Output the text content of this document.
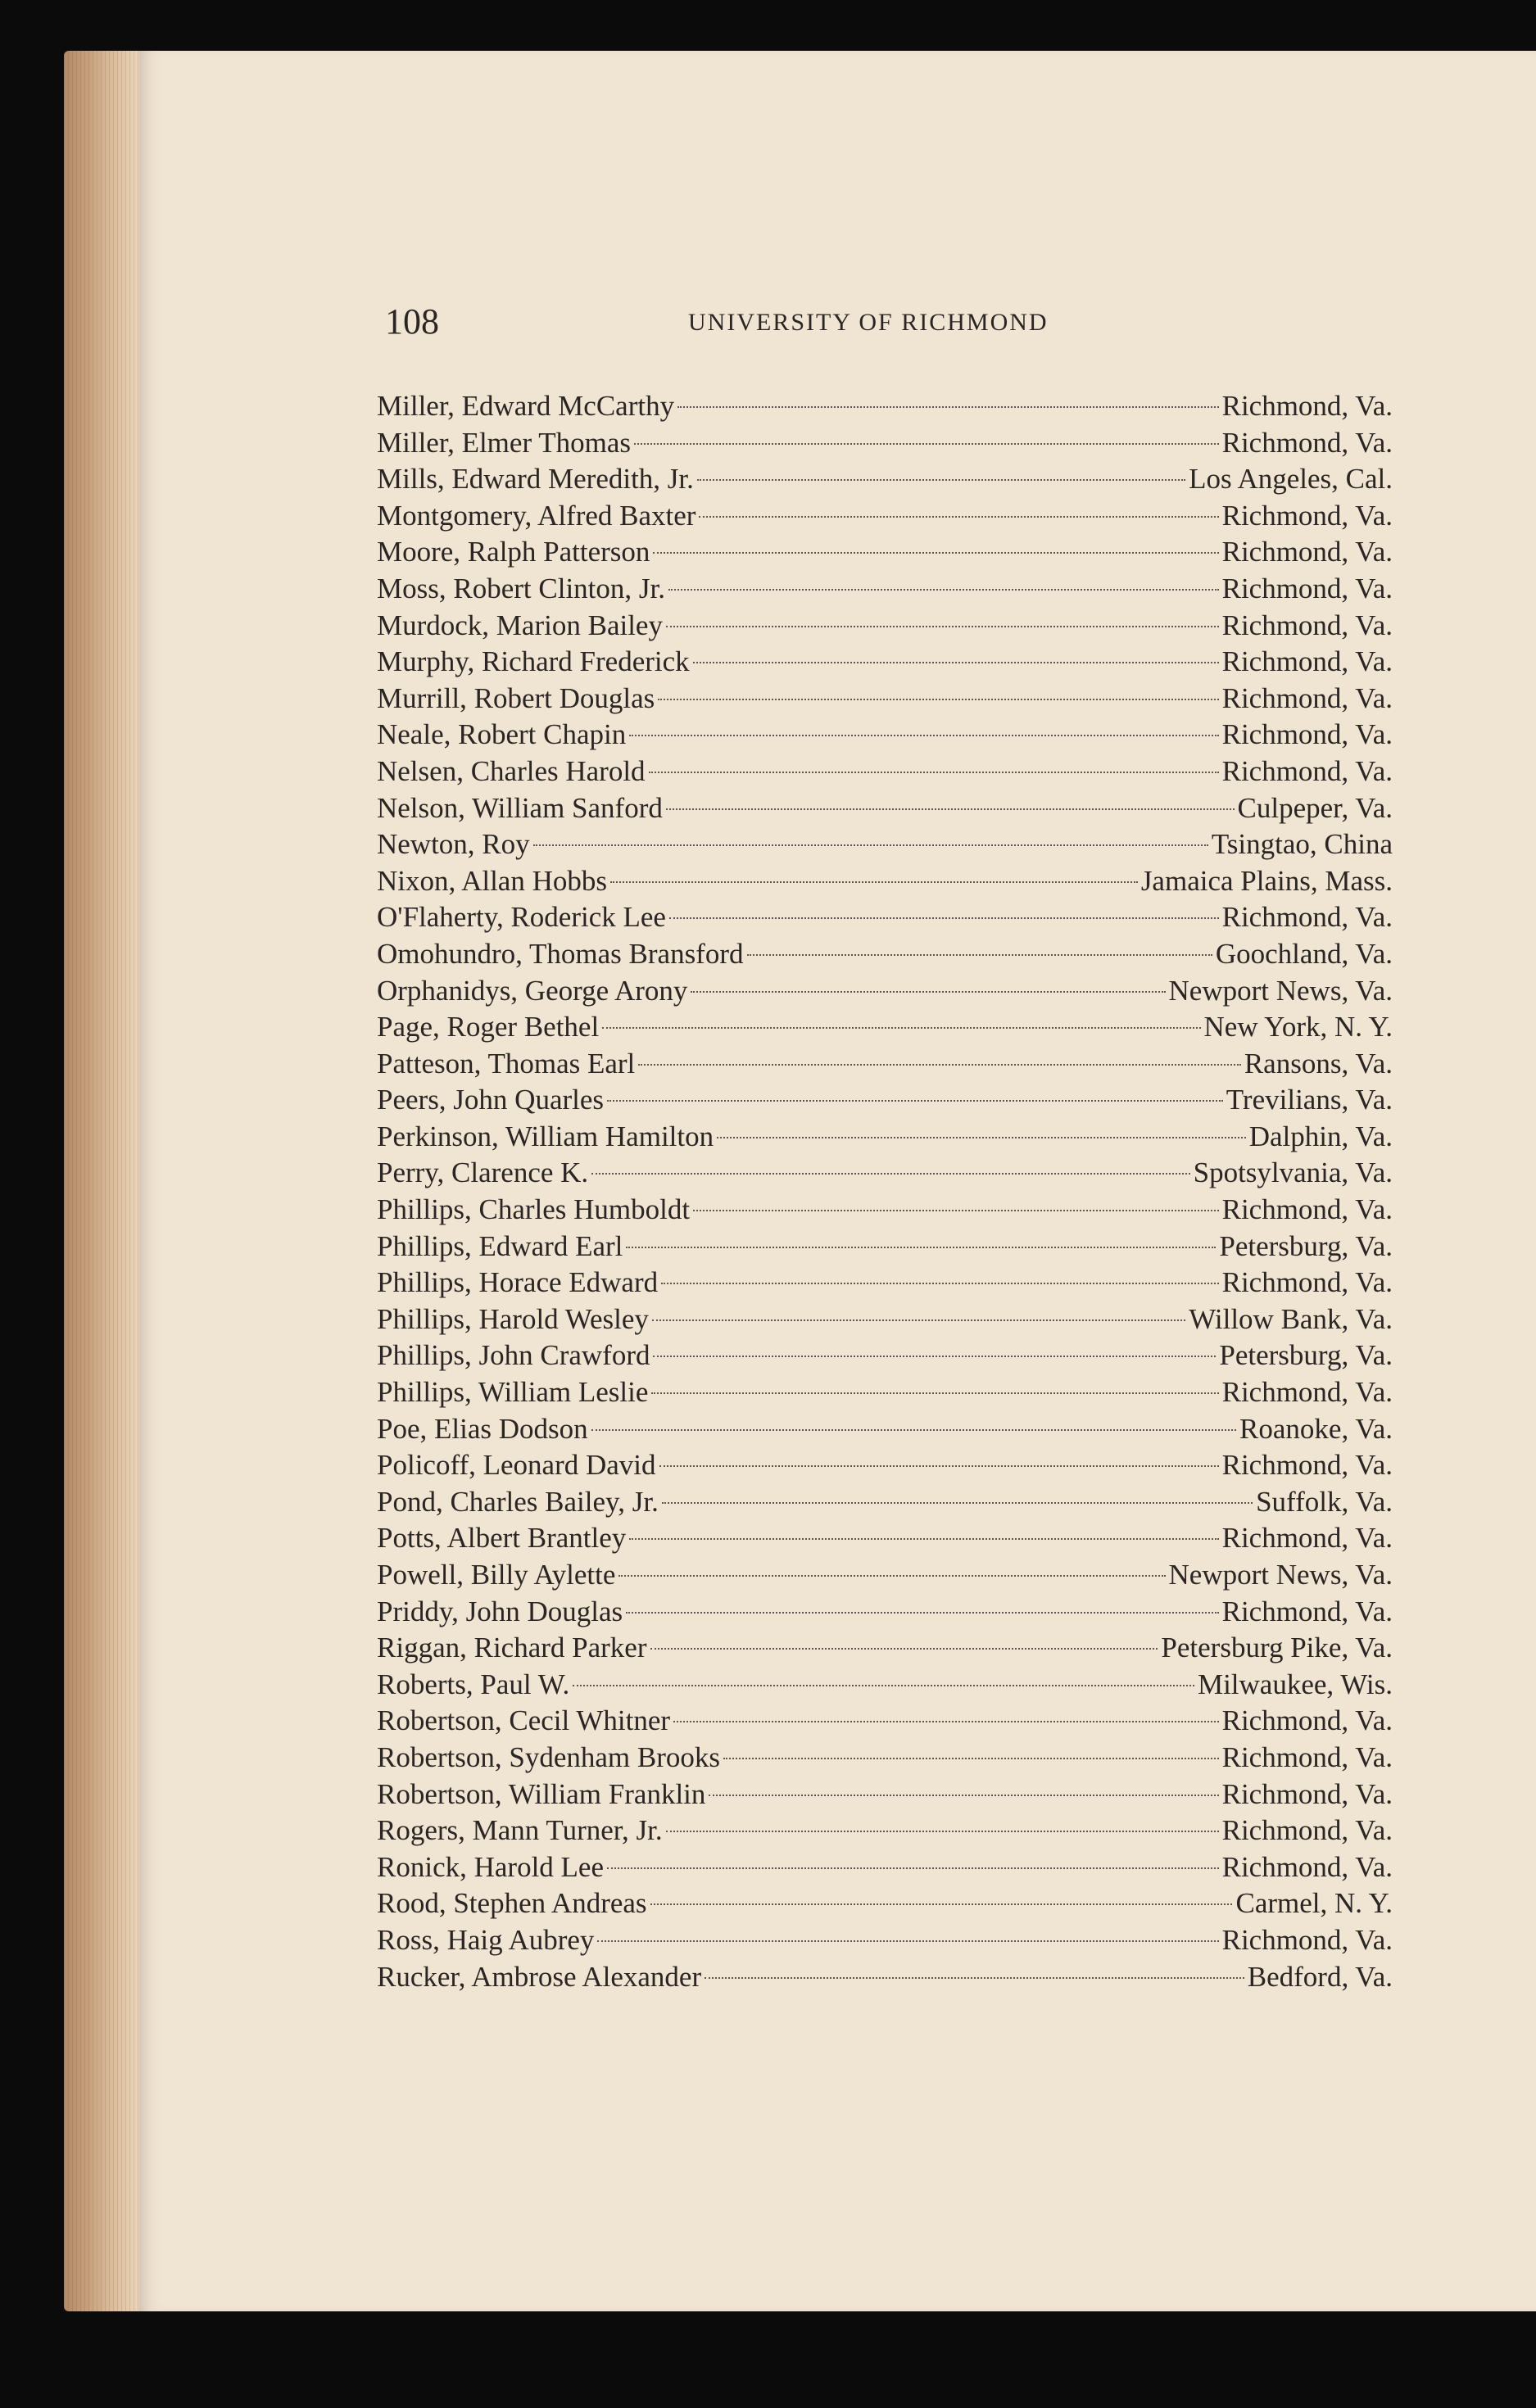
108	UNIVERSITY OF RICHMOND
Miller, Edward McCarthy	Richmond, Va.
Miller, Elmer Thomas	Richmond, Va.
Mills, Edward Meredith, Jr.	Los Angeles, Cal.
Montgomery, Alfred Baxter	Richmond, Va.
Moore, Ralph Patterson	Richmond, Va.
Moss, Robert Clinton, Jr.	Richmond, Va.
Murdock, Marion Bailey	Richmond, Va.
Murphy, Richard Frederick	Richmond, Va.
Murrill, Robert Douglas	Richmond, Va.
Neale, Robert Chapin	Richmond, Va.
Nelsen, Charles Harold	Richmond, Va.
Nelson, William Sanford	Culpeper, Va.
Newton, Roy	Tsingtao, China
Nixon, Allan Hobbs	Jamaica Plains, Mass.
O'Flaherty, Roderick Lee	Richmond, Va.
Omohundro, Thomas Bransford	Goochland, Va.
Orphanidys, George Arony	Newport News, Va.
Page, Roger Bethel	New York, N. Y.
Patteson, Thomas Earl	Ransons, Va.
Peers, John Quarles	Trevilians, Va.
Perkinson, William Hamilton	Dalphin, Va.
Perry, Clarence K.	Spotsylvania, Va.
Phillips, Charles Humboldt	Richmond, Va.
Phillips, Edward Earl	Petersburg, Va.
Phillips, Horace Edward	Richmond, Va.
Phillips, Harold Wesley	Willow Bank, Va.
Phillips, John Crawford	Petersburg, Va.
Phillips, William Leslie	Richmond, Va.
Poe, Elias Dodson	Roanoke, Va.
Policoff, Leonard David	Richmond, Va.
Pond, Charles Bailey, Jr.	Suffolk, Va.
Potts, Albert Brantley	Richmond, Va.
Powell, Billy Aylette	Newport News, Va.
Priddy, John Douglas	Richmond, Va.
Riggan, Richard Parker	Petersburg Pike, Va.
Roberts, Paul W.	Milwaukee, Wis.
Robertson, Cecil Whitner	Richmond, Va.
Robertson, Sydenham Brooks	Richmond, Va.
Robertson, William Franklin	Richmond, Va.
Rogers, Mann Turner, Jr.	Richmond, Va.
Ronick, Harold Lee	Richmond, Va.
Rood, Stephen Andreas	Carmel, N. Y.
Ross, Haig Aubrey	Richmond, Va.
Rucker, Ambrose Alexander	Bedford, Va.
